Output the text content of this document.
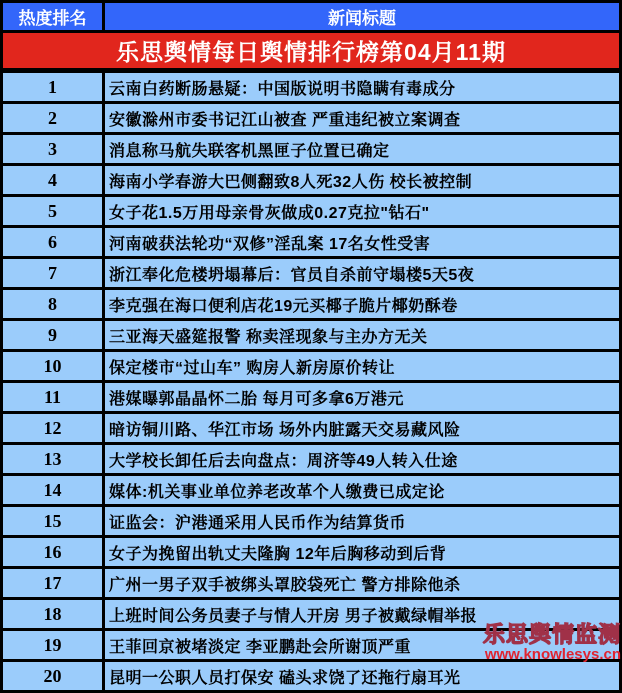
乐思舆情每日舆情排行榜第04月11期	
热度排名	新闻标题
1	云南白药断肠悬疑：中国版说明书隐瞒有毒成分
2	安徽滁州市委书记江山被查 严重违纪被立案调查
3	消息称马航失联客机黑匣子位置已确定
4	海南小学春游大巴侧翻致8人死32人伤 校长被控制
5	女子花1.5万用母亲骨灰做成0.27克拉"钻石"
6	河南破获法轮功“双修”淫乱案 17名女性受害
7	浙江奉化危楼坍塌幕后：官员自杀前守塌楼5天5夜
8	李克强在海口便利店花19元买椰子脆片椰奶酥卷
9	三亚海天盛筵报警 称卖淫现象与主办方无关
10	保定楼市“过山车” 购房人新房原价转让
11	港媒曝郭晶晶怀二胎 每月可多拿6万港元
12	暗访铜川路、华江市场 场外内脏露天交易藏风险
13	大学校长卸任后去向盘点：周济等49人转入仕途
14	媒体:机关事业单位养老改革个人缴费已成定论
15	证监会：沪港通采用人民币作为结算货币
16	女子为挽留出轨丈夫隆胸 12年后胸移动到后背
17	广州一男子双手被绑头罩胶袋死亡 警方排除他杀
18	上班时间公务员妻子与情人开房 男子被戴绿帽举报
19	王菲回京被堵淡定 李亚鹏赴会所谢顶严重
20	昆明一公职人员打保安 磕头求饶了还拖行扇耳光
乐思舆情监测
www.knowlesys.cn
